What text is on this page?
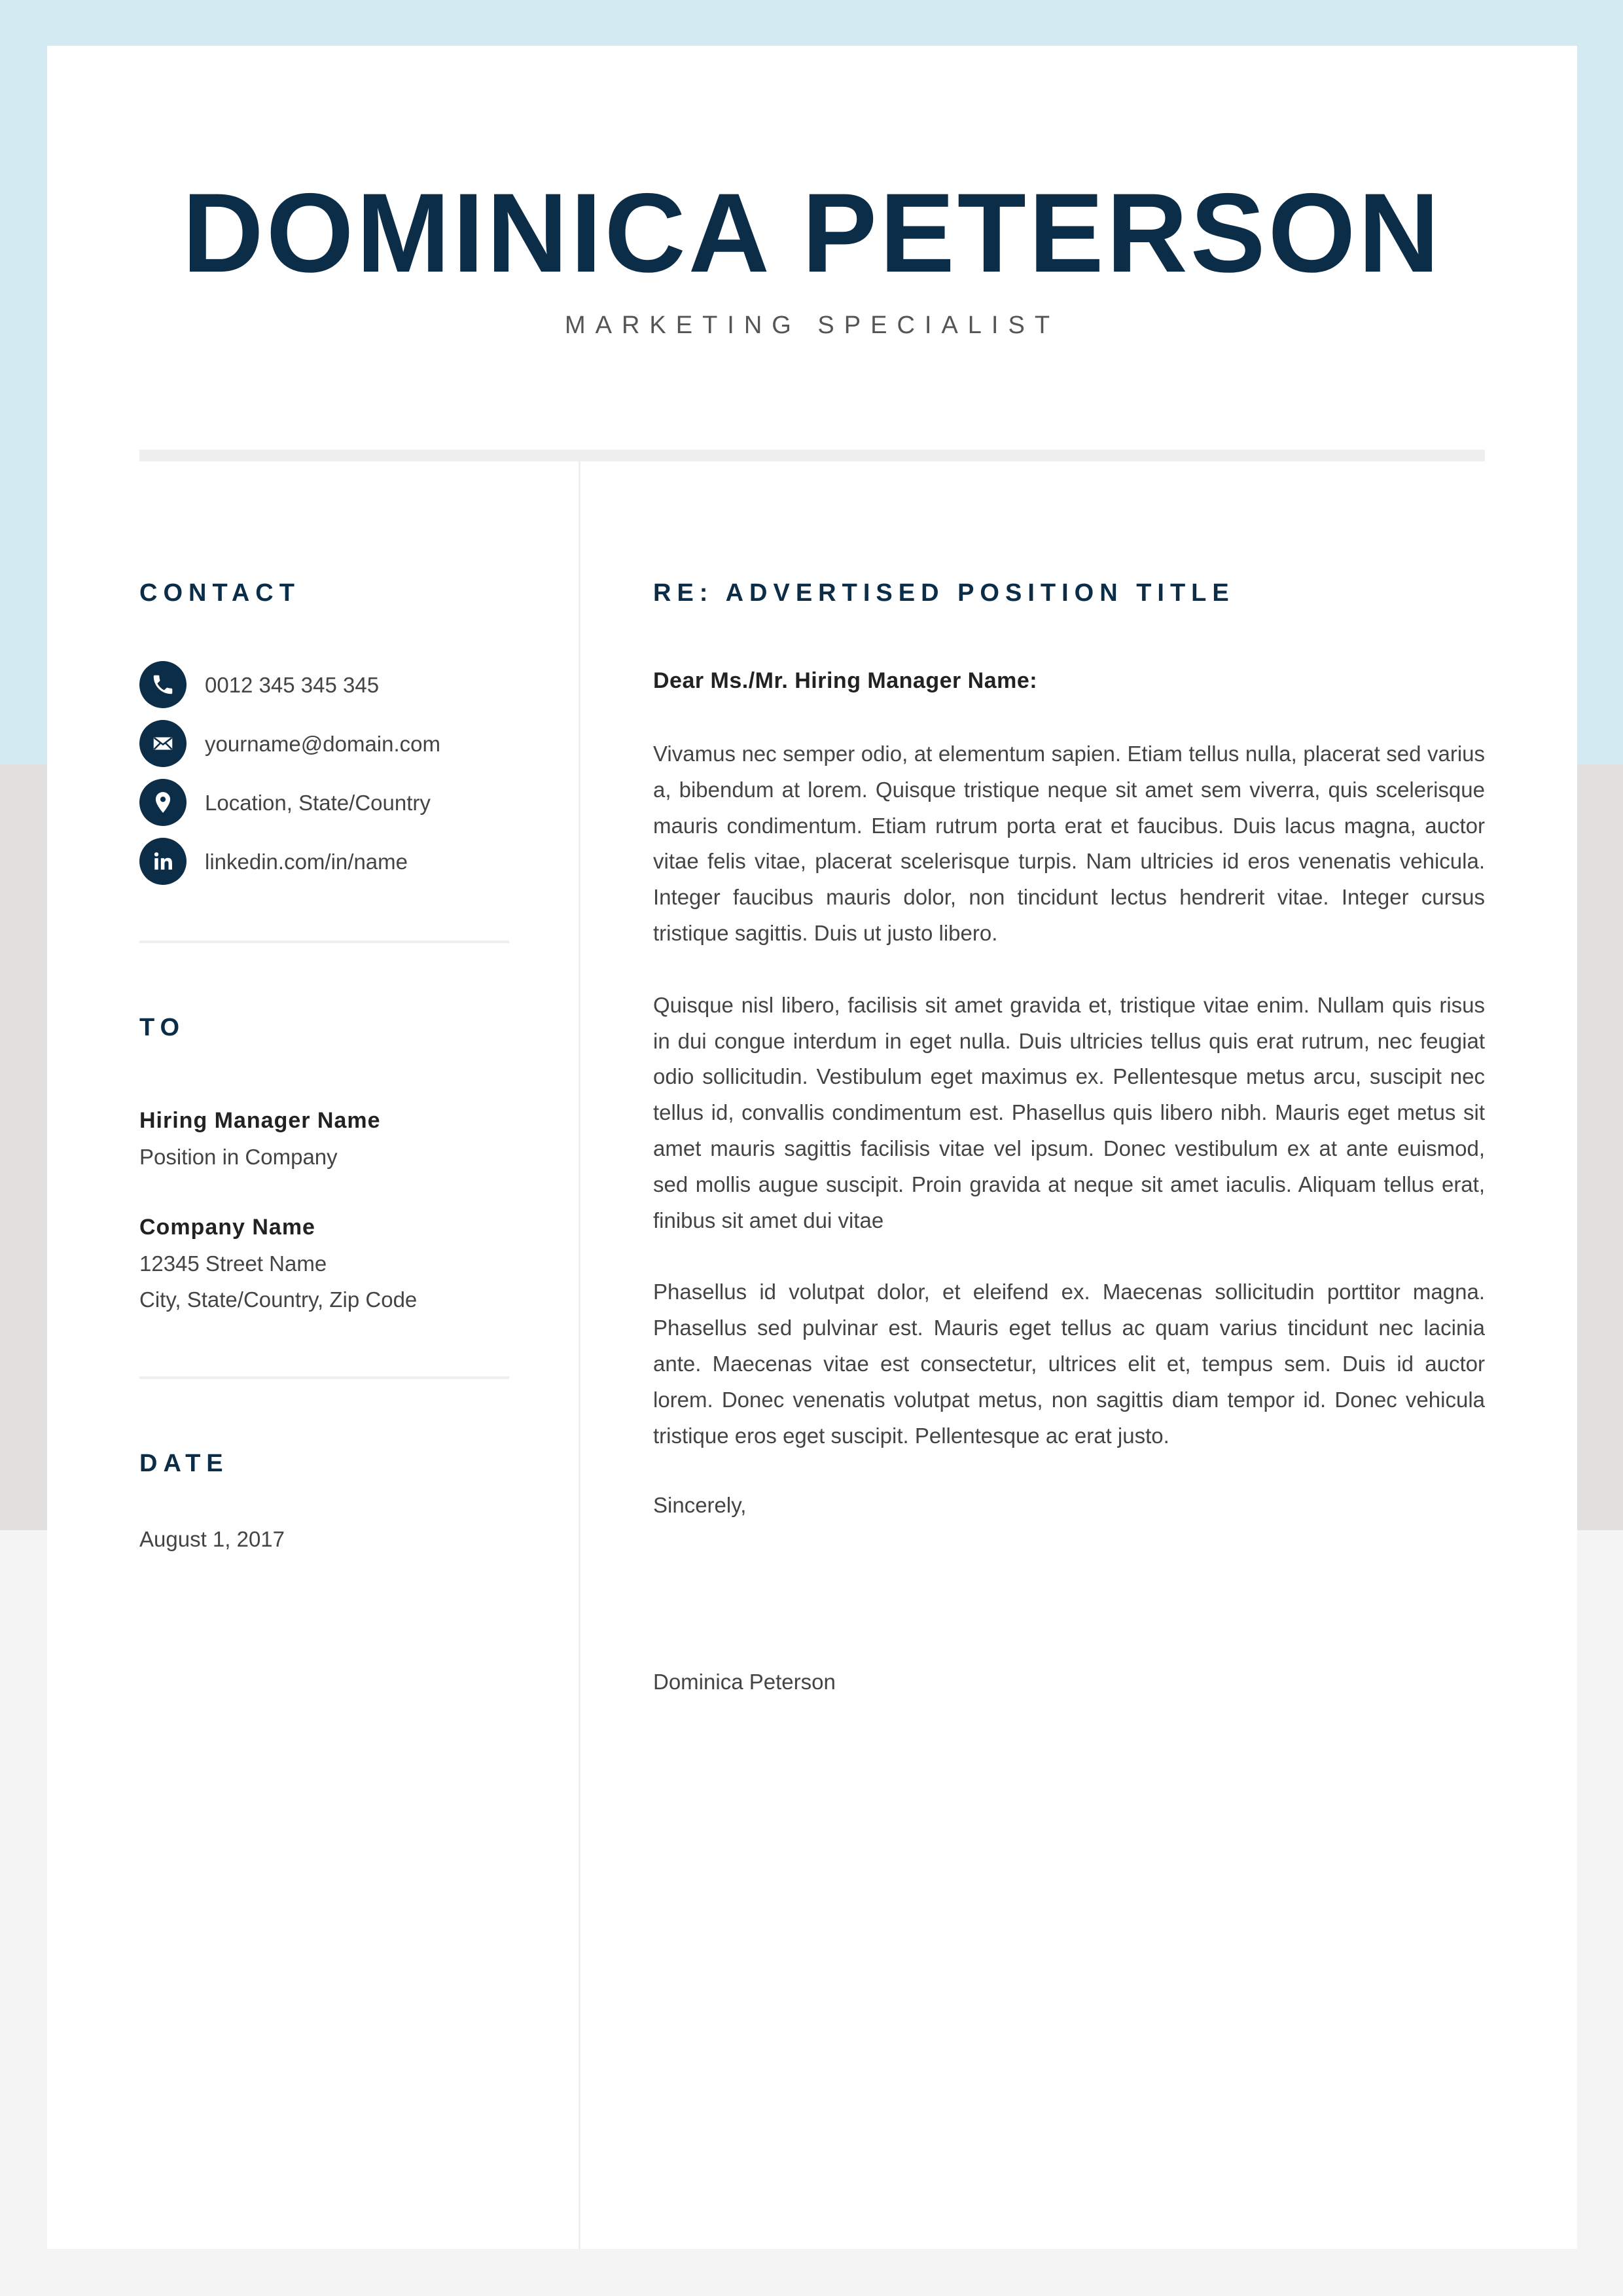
DOMINICA PETERSON
MARKETING SPECIALIST
CONTACT
0012 345 345 345
yourname@domain.com
Location, State/Country
linkedin.com/in/name
TO
Hiring Manager Name
Position in Company
Company Name
12345 Street Name
City, State/Country, Zip Code
DATE
August 1, 2017
RE: ADVERTISED POSITION TITLE
Dear Ms./Mr. Hiring Manager Name:

Vivamus nec semper odio, at elementum sapien. Etiam tellus nulla, placerat sed varius a, bibendum at lorem. Quisque tristique neque sit amet sem viverra, quis scelerisque mauris condimentum. Etiam rutrum porta erat et faucibus. Duis lacus magna, auctor vitae felis vitae, placerat scelerisque turpis. Nam ultricies id eros venenatis vehicula. Integer faucibus mauris dolor, non tincidunt lectus hendrerit vitae. Integer cursus tristique sagittis. Duis ut justo libero.

Quisque nisl libero, facilisis sit amet gravida et, tristique vitae enim. Nullam quis risus in dui congue interdum in eget nulla. Duis ultricies tellus quis erat rutrum, nec feugiat odio sollicitudin. Vestibulum eget maximus ex. Pellentesque metus arcu, suscipit nec tellus id, convallis condimentum est. Phasellus quis libero nibh. Mauris eget metus sit amet mauris sagittis facilisis vitae vel ipsum. Donec vestibulum ex at ante euismod, sed mollis augue suscipit. Proin gravida at neque sit amet iaculis. Aliquam tellus erat, finibus sit amet dui vitae

Phasellus id volutpat dolor, et eleifend ex. Maecenas sollicitudin porttitor magna. Phasellus sed pulvinar est. Mauris eget tellus ac quam varius tincidunt nec lacinia ante. Maecenas vitae est consectetur, ultrices elit et, tempus sem. Duis id auctor lorem. Donec venenatis volutpat metus, non sagittis diam tempor id. Donec vehicula tristique eros eget suscipit. Pellentesque ac erat justo.

Sincerely,
Dominica Peterson
